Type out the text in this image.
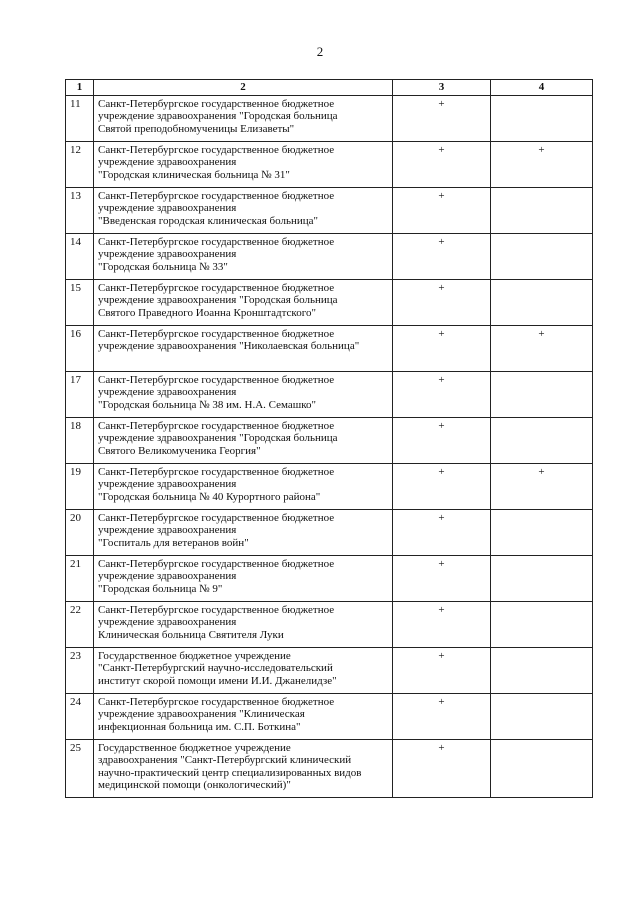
2
1	2	3	4
11	Санкт-Петербургское государственное бюджетное
учреждение здравоохранения "Городская больница
Святой преподобномученицы Елизаветы"	+	
12	Санкт-Петербургское государственное бюджетное
учреждение здравоохранения
"Городская клиническая больница № 31"	+	+
13	Санкт-Петербургское государственное бюджетное
учреждение здравоохранения
"Введенская городская клиническая больница"	+	
14	Санкт-Петербургское государственное бюджетное
учреждение здравоохранения
"Городская больница № 33"	+	
15	Санкт-Петербургское государственное бюджетное
учреждение здравоохранения "Городская больница
Святого Праведного Иоанна Кронштадтского"	+	
16	Санкт-Петербургское государственное бюджетное
учреждение здравоохранения "Николаевская больница"	+	+
17	Санкт-Петербургское государственное бюджетное
учреждение здравоохранения
"Городская больница № 38 им. Н.А. Семашко"	+	
18	Санкт-Петербургское государственное бюджетное
учреждение здравоохранения "Городская больница
Святого Великомученика Георгия"	+	
19	Санкт-Петербургское государственное бюджетное
учреждение здравоохранения
"Городская больница № 40 Курортного района"	+	+
20	Санкт-Петербургское государственное бюджетное
учреждение здравоохранения
"Госпиталь для ветеранов войн"	+	
21	Санкт-Петербургское государственное бюджетное
учреждение здравоохранения
"Городская больница № 9"	+	
22	Санкт-Петербургское государственное бюджетное
учреждение здравоохранения
Клиническая больница Святителя Луки	+	
23	Государственное бюджетное учреждение
"Санкт-Петербургский научно-исследовательский
институт скорой помощи имени И.И. Джанелидзе"	+	
24	Санкт-Петербургское государственное бюджетное
учреждение здравоохранения "Клиническая
инфекционная больница им. С.П. Боткина"	+	
25	Государственное бюджетное учреждение
здравоохранения "Санкт-Петербургский клинический
научно-практический центр специализированных видов
медицинской помощи (онкологический)"	+	
